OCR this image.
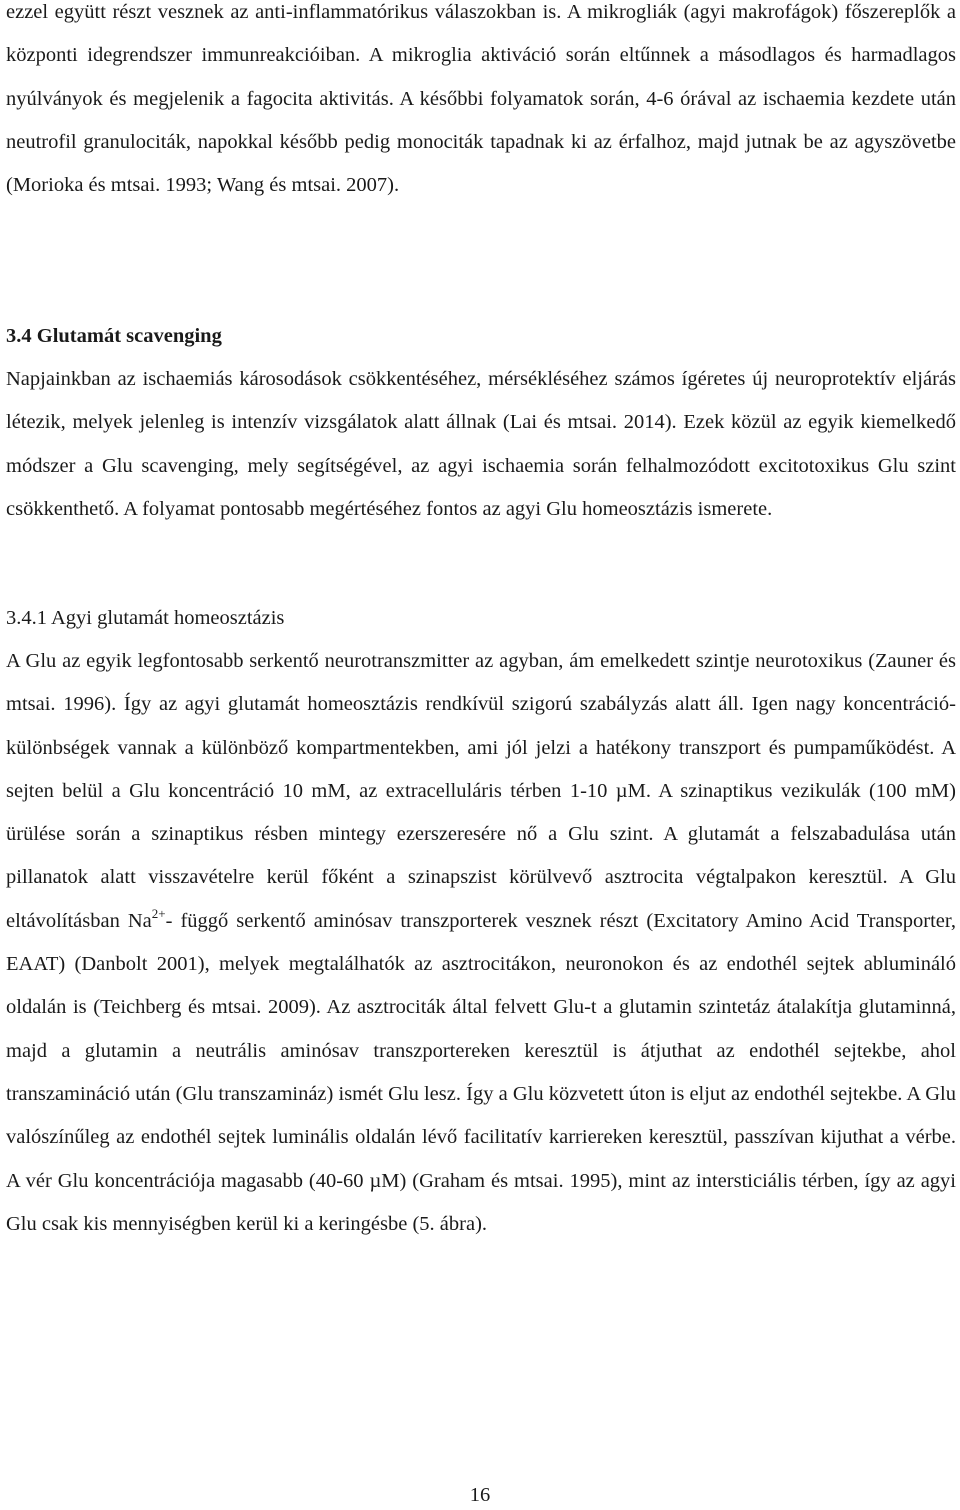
ezzel együtt részt vesznek az anti-inflammatórikus válaszokban is. A mikrogliák (agyi makrofágok) főszereplők a központi idegrendszer immunreakcióiban. A mikroglia aktiváció során eltűnnek a másodlagos és harmadlagos nyúlványok és megjelenik a fagocita aktivitás. A későbbi folyamatok során, 4-6 órával az ischaemia kezdete után neutrofil granulociták, napokkal később pedig monociták tapadnak ki az érfalhoz, majd jutnak be az agyszövetbe (Morioka és mtsai. 1993; Wang és mtsai. 2007).

3.4 Glutamát scavenging

Napjainkban az ischaemiás károsodások csökkentéséhez, mérsékléséhez számos ígéretes új neuroprotektív eljárás létezik, melyek jelenleg is intenzív vizsgálatok alatt állnak (Lai és mtsai. 2014). Ezek közül az egyik kiemelkedő módszer a Glu scavenging, mely segítségével, az agyi ischaemia során felhalmozódott excitotoxikus Glu szint csökkenthető. A folyamat pontosabb megértéséhez fontos az agyi Glu homeosztázis ismerete.

3.4.1 Agyi glutamát homeosztázis

A Glu az egyik legfontosabb serkentő neurotranszmitter az agyban, ám emelkedett szintje neurotoxikus (Zauner és mtsai. 1996). Így az agyi glutamát homeosztázis rendkívül szigorú szabályzás alatt áll. Igen nagy koncentráció-különbségek vannak a különböző kompartmentekben, ami jól jelzi a hatékony transzport és pumpaműködést. A sejten belül a Glu koncentráció 10 mM, az extracelluláris térben 1-10 µM. A szinaptikus vezikulák (100 mM) ürülése során a szinaptikus résben mintegy ezerszeresére nő a Glu szint. A glutamát a felszabadulása után pillanatok alatt visszavételre kerül főként a szinapszist körülvevő asztrocita végtalpakon keresztül. A Glu eltávolításban $Na^{2+}-$ függő serkentő aminósav transzporterek vesznek részt (Excitatory Amino Acid Transporter, EAAT) (Danbolt 2001), melyek megtalálhatók az asztrocitákon, neuronokon és az endothél sejtek ablumináló oldalán is (Teichberg és mtsai. 2009). Az asztrociták által felvett Glu-t a glutamin szintetáz átalakítja glutaminná, majd a glutamin a neutrális aminósav transzportereken keresztül is átjuthat az endothél sejtekbe, ahol transzamináció után (Glu transzamináz) ismét Glu lesz. Így a Glu közvetett úton is eljut az endothél sejtekbe. A Glu valószínűleg az endothél sejtek luminális oldalán lévő facilitatív karriereken keresztül, passzívan kijuthat a vérbe. A vér Glu koncentrációja magasabb (40-60 µM) (Graham és mtsai. 1995), mint az intersticiális térben, így az agyi Glu csak kis mennyiségben kerül ki a keringésbe (5. ábra).

16
